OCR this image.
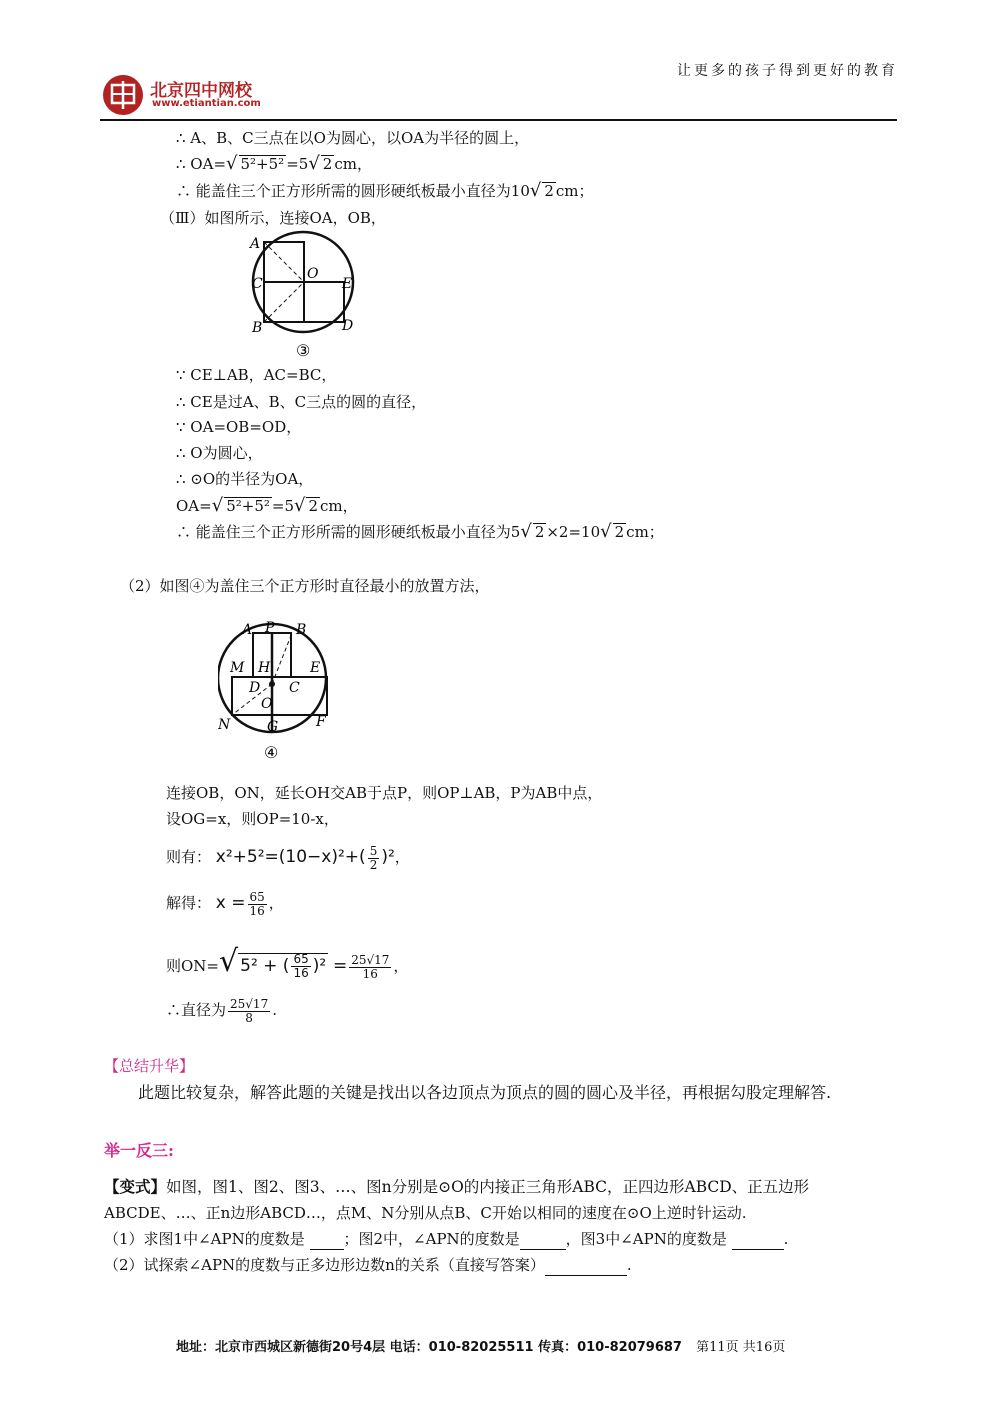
北京四中网校
www.etiantian.com
让更多的孩子得到更好的教育
∴ A、B、C三点在以O为圆心，以OA为半径的圆上，
∴ OA=√ 5²+5² =5√ 2 cm，
∴ 能盖住三个正方形所需的圆形硬纸板最小直径为10√ 2 cm；
（Ⅲ）如图所示，连接OA，OB，
A
C
O
E
B	D
③
∵ CE⊥AB，AC=BC，
∴ CE是过A、B、C三点的圆的直径，
∵ OA=OB=OD，
∴ O为圆心，
∴ ⊙O的半径为OA，
OA=√ 5²+5² =5√ 2 cm，
∴ 能盖住三个正方形所需的圆形硬纸板最小直径为5√ 2 ×2=10√ 2 cm；
（2）如图④为盖住三个正方形时直径最小的放置方法，
A P B
M H	E
D C
O
N	G	F
④
连接OB，ON，延长OH交AB于点P，则OP⊥AB，P为AB中点，
设OG=x，则OP=10-x，
则有： $x^2+5^2=(10-x)^2+( \frac{5}{2} )^2$，
解得： $x = \frac{65}{16}$ ，
则ON=√ 5² + ( $\frac{65}{16} )^2 = \frac{25√17}{16}$ ，
∴直径为 $\frac{25√17}{8}$ .
【总结升华】
此题比较复杂，解答此题的关键是找出以各边顶点为顶点的圆的圆心及半径，再根据勾股定理解答.
举一反三:
【变式】如图，图1、图2、图3、…、图n分别是⊙O的内接正三角形ABC，正四边形ABCD、正五边形
ABCDE、…、正n边形ABCD…，点M、N分别从点B、C开始以相同的速度在⊙O上逆时针运动.
（1）求图1中∠APN的度数是	；图2中，∠APN的度数是	，图3中∠APN的度数是	.
（2）试探索∠APN的度数与正多边形边数n的关系（直接写答案）	.
地址：北京市西城区新德街20号4层 电话：010-82025511 传真：010-82079687 第11页 共16页
